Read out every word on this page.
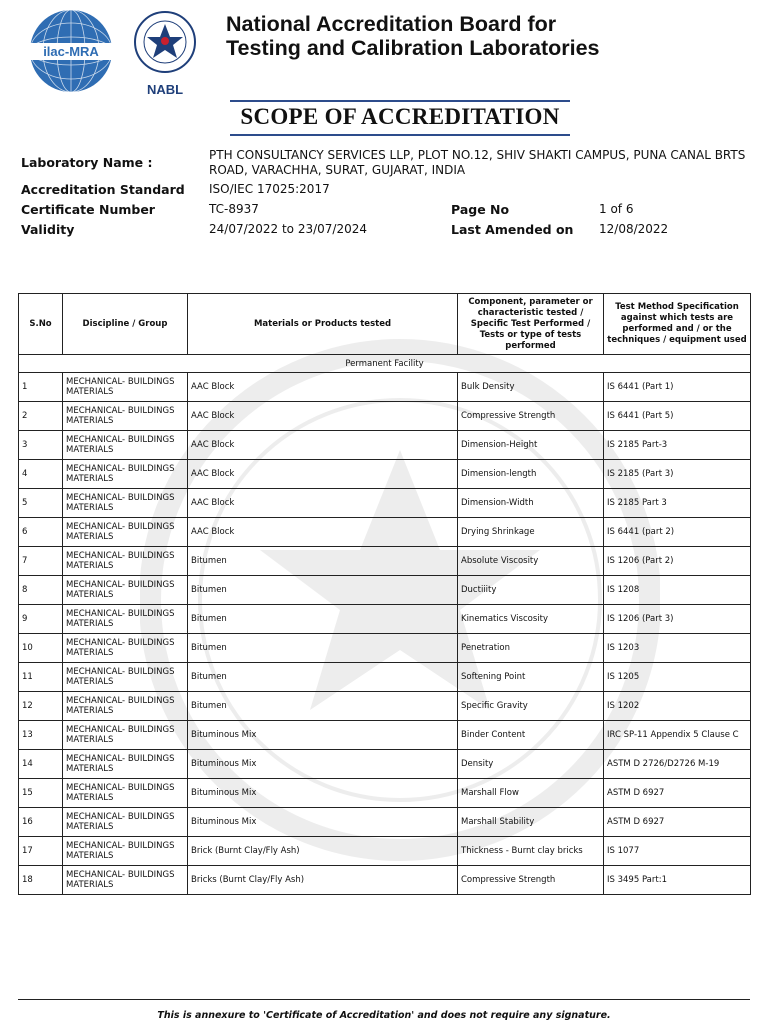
ilac-MRA
NABL
National Accreditation Board for
Testing and Calibration Laboratories
SCOPE OF ACCREDITATION
Laboratory Name :	PTH CONSULTANCY SERVICES LLP, PLOT NO.12, SHIV SHAKTI CAMPUS, PUNA CANAL BRTS ROAD, VARACHHA, SURAT, GUJARAT, INDIA
Accreditation Standard ISO/IEC 17025:2017
Certificate Number	TC-8937	Page No	1 of 6
Validity	24/07/2022 to 23/07/2024	Last Amended on 12/08/2022
S.No	Discipline / Group	Materials or Products tested	Component, parameter or characteristic tested / Specific Test Performed / Tests or type of tests performed	Test Method Specification against which tests are performed and / or the techniques / equipment used
Permanent Facility				
1	MECHANICAL- BUILDINGS MATERIALS	AAC Block	Bulk Density	IS 6441 (Part 1)
2	MECHANICAL- BUILDINGS MATERIALS	AAC Block	Compressive Strength	IS 6441 (Part 5)
3	MECHANICAL- BUILDINGS MATERIALS	AAC Block	Dimension-Height	IS 2185 Part-3
4	MECHANICAL- BUILDINGS MATERIALS	AAC Block	Dimension-length	IS 2185 (Part 3)
5	MECHANICAL- BUILDINGS MATERIALS	AAC Block	Dimension-Width	IS 2185 Part 3
6	MECHANICAL- BUILDINGS MATERIALS	AAC Block	Drying Shrinkage	IS 6441 (part 2)
7	MECHANICAL- BUILDINGS MATERIALS	Bitumen	Absolute Viscosity	IS 1206 (Part 2)
8	MECHANICAL- BUILDINGS MATERIALS	Bitumen	Ductiiity	IS 1208
9	MECHANICAL- BUILDINGS MATERIALS	Bitumen	Kinematics Viscosity	IS 1206 (Part 3)
10	MECHANICAL- BUILDINGS MATERIALS	Bitumen	Penetration	IS 1203
11	MECHANICAL- BUILDINGS MATERIALS	Bitumen	Softening Point	IS 1205
12	MECHANICAL- BUILDINGS MATERIALS	Bitumen	Specific Gravity	IS 1202
13	MECHANICAL- BUILDINGS MATERIALS	Bituminous Mix	Binder Content	IRC SP-11 Appendix 5 Clause C
14	MECHANICAL- BUILDINGS MATERIALS	Bituminous Mix	Density	ASTM D 2726/D2726 M-19
15	MECHANICAL- BUILDINGS MATERIALS	Bituminous Mix	Marshall Flow	ASTM D 6927
16	MECHANICAL- BUILDINGS MATERIALS	Bituminous Mix	Marshall Stability	ASTM D 6927
17	MECHANICAL- BUILDINGS MATERIALS	Brick (Burnt Clay/Fly Ash)	Thickness - Burnt clay bricks	IS 1077
18	MECHANICAL- BUILDINGS MATERIALS	Bricks (Burnt Clay/Fly Ash)	Compressive Strength	IS 3495 Part:1
This is annexure to 'Certificate of Accreditation' and does not require any signature.
